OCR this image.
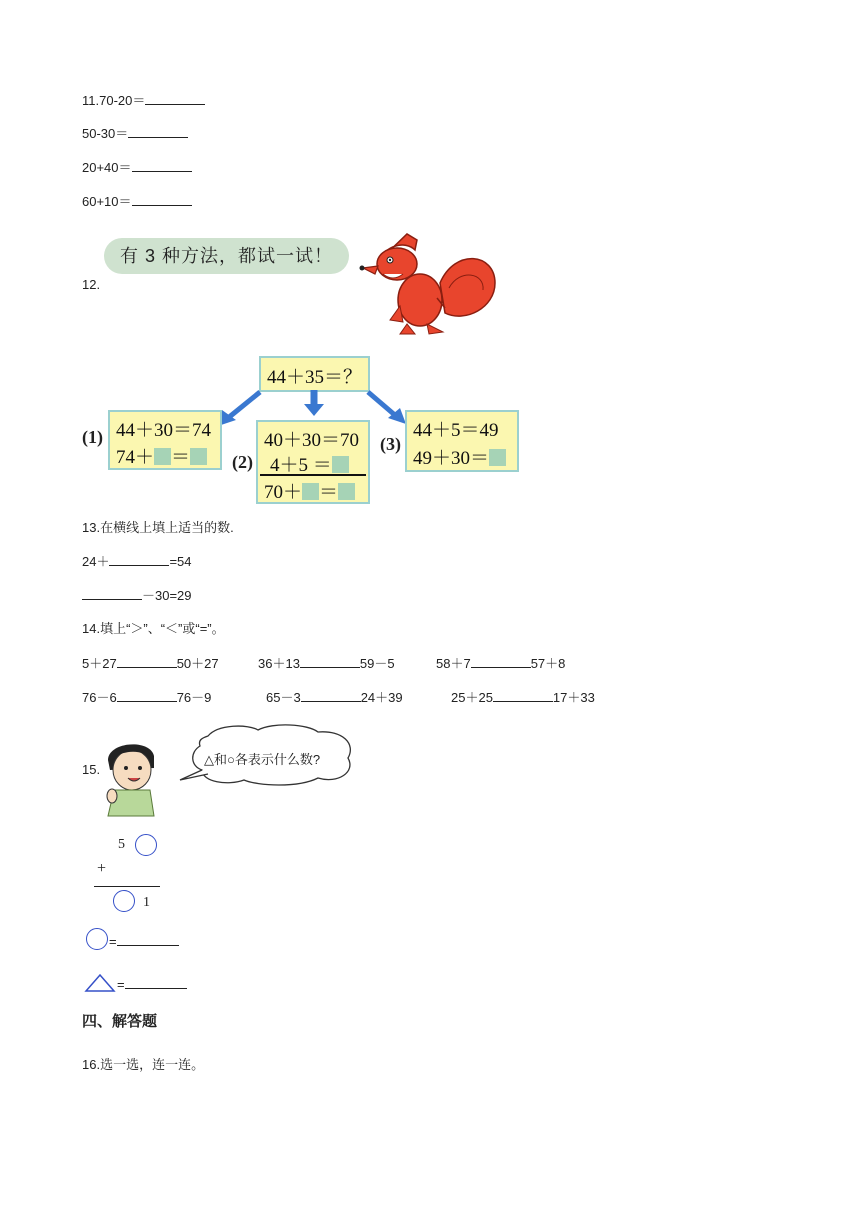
11.70-20＝
50-30＝
20+40＝
60+10＝
有 3 种方法，都试一试！
12.
44＋35＝？
(1) 44＋30＝74
74＋ ＝	(2)
40＋30＝70
4＋5 ＝
70＋ ＝
(3)
44＋5＝49
49＋30＝
13.在横线上填上适当的数.
24＋	=54
－30=29
14.填上“＞”、“＜”或“=”。
5＋27	50＋27	36＋13	59－5	58＋7	57＋8
76－6	76－9	65－3	24＋39	25＋25	17＋33
15.
△和○各表示什么数?
5
+
1
=
=
四、解答题
16.选一选，连一连。
